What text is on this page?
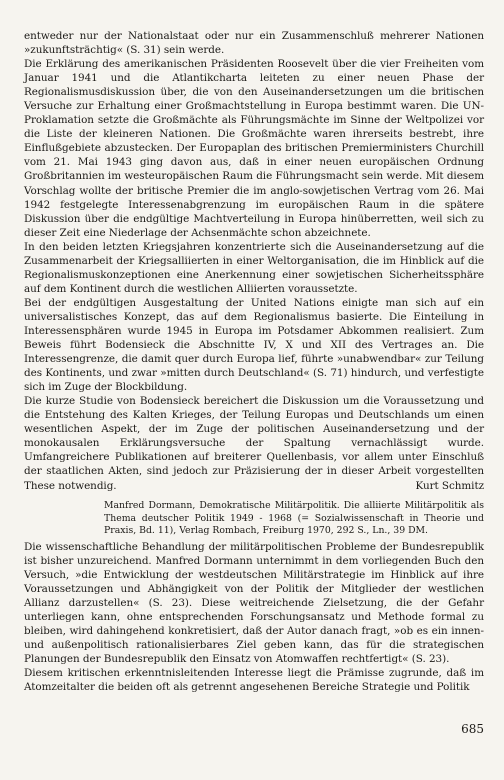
entweder nur der Nationalstaat oder nur ein Zusammenschluß mehrerer Nationen »zukunftsträchtig« (S. 31) sein werde.

Die Erklärung des amerikanischen Präsidenten Roosevelt über die vier Freiheiten vom Januar 1941 und die Atlantikcharta leiteten zu einer neuen Phase der Regionalismusdiskussion über, die von den Auseinandersetzungen um die britischen Versuche zur Erhaltung einer Großmachtstellung in Europa bestimmt waren. Die UN-Proklamation setzte die Großmächte als Führungsmächte im Sinne der Weltpolizei vor die Liste der kleineren Nationen. Die Großmächte waren ihrerseits bestrebt, ihre Einflußgebiete abzustecken. Der Europaplan des britischen Premierministers Churchill vom 21. Mai 1943 ging davon aus, daß in einer neuen europäischen Ordnung Großbritannien im westeuropäischen Raum die Führungsmacht sein werde. Mit diesem Vorschlag wollte der britische Premier die im anglo-sowjetischen Vertrag vom 26. Mai 1942 festgelegte Interessenabgrenzung im europäischen Raum in die spätere Diskussion über die endgültige Machtverteilung in Europa hinüberretten, weil sich zu dieser Zeit eine Niederlage der Achsenmächte schon abzeichnete.

In den beiden letzten Kriegsjahren konzentrierte sich die Auseinandersetzung auf die Zusammenarbeit der Kriegsalliierten in einer Weltorganisation, die im Hinblick auf die Regionalismuskonzeptionen eine Anerkennung einer sowjetischen Sicherheitssphäre auf dem Kontinent durch die westlichen Alliierten voraussetzte.

Bei der endgültigen Ausgestaltung der United Nations einigte man sich auf ein universalistisches Konzept, das auf dem Regionalismus basierte. Die Einteilung in Interessensphären wurde 1945 in Europa im Potsdamer Abkommen realisiert. Zum Beweis führt Bodensieck die Abschnitte IV, X und XII des Vertrages an. Die Interessengrenze, die damit quer durch Europa lief, führte »unabwendbar« zur Teilung des Kontinents, und zwar »mitten durch Deutschland« (S. 71) hindurch, und verfestigte sich im Zuge der Blockbildung.

Die kurze Studie von Bodensieck bereichert die Diskussion um die Voraussetzung und die Entstehung des Kalten Krieges, der Teilung Europas und Deutschlands um einen wesentlichen Aspekt, der im Zuge der politischen Auseinandersetzung und der monokausalen Erklärungsversuche der Spaltung vernachlässigt wurde. Umfangreichere Publikationen auf breiterer Quellenbasis, vor allem unter Einschluß der staatlichen Akten, sind jedoch zur Präzisierung der in dieser Arbeit vorgestellten These notwendig.	Kurt Schmitz

Manfred Dormann, Demokratische Militärpolitik. Die alliierte Militärpolitik als Thema deutscher Politik 1949 - 1968 (= Sozialwissenschaft in Theorie und Praxis, Bd. 11), Verlag Rombach, Freiburg 1970, 292 S., Ln., 39 DM.

Die wissenschaftliche Behandlung der militärpolitischen Probleme der Bundesrepublik ist bisher unzureichend. Manfred Dormann unternimmt in dem vorliegenden Buch den Versuch, »die Entwicklung der westdeutschen Militärstrategie im Hinblick auf ihre Voraussetzungen und Abhängigkeit von der Politik der Mitglieder der westlichen Allianz darzustellen« (S. 23). Diese weitreichende Zielsetzung, die der Gefahr unterliegen kann, ohne entsprechenden Forschungsansatz und Methode formal zu bleiben, wird dahingehend konkretisiert, daß der Autor danach fragt, »ob es ein innen- und außenpolitisch rationalisierbares Ziel geben kann, das für die strategischen Planungen der Bundesrepublik den Einsatz von Atomwaffen rechtfertigt« (S. 23).

Diesem kritischen erkenntnisleitenden Interesse liegt die Prämisse zugrunde, daß im Atomzeitalter die beiden oft als getrennt angesehenen Bereiche Strategie und Politik

685
